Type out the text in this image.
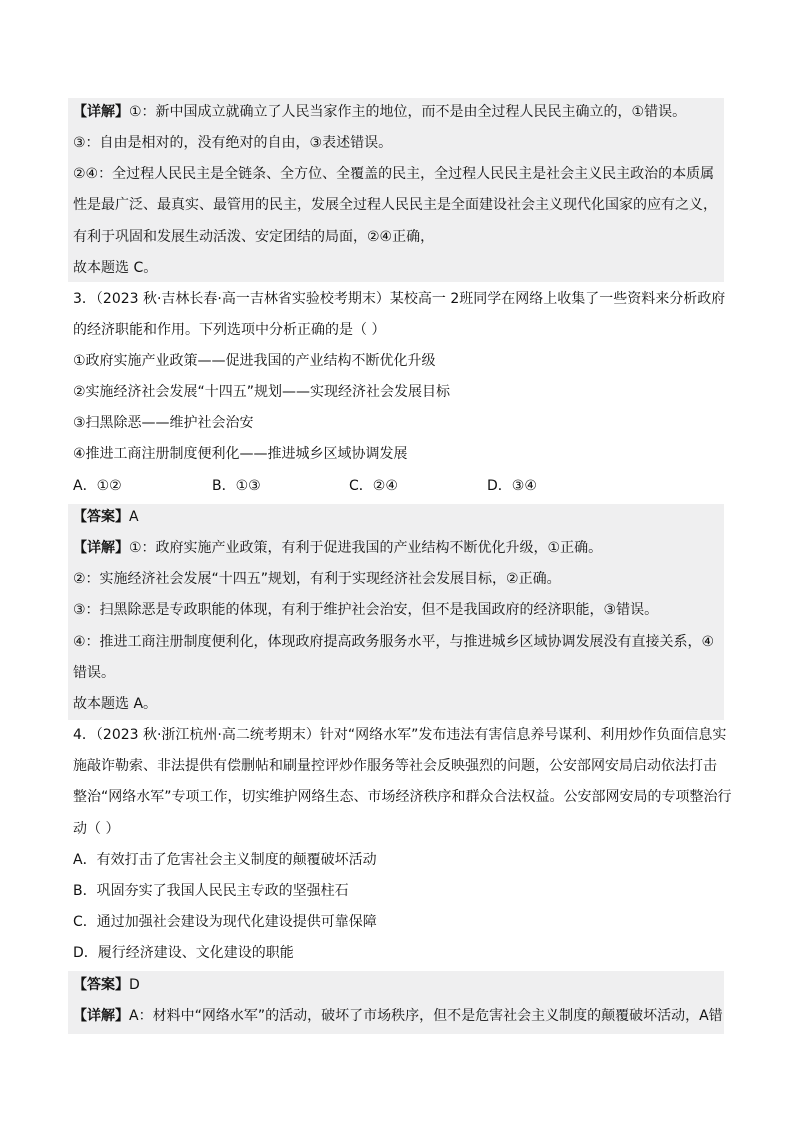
【详解】①：新中国成立就确立了人民当家作主的地位，而不是由全过程人民民主确立的，①错误。
③：自由是相对的，没有绝对的自由，③表述错误。
②④：全过程人民民主是全链条、全方位、全覆盖的民主，全过程人民民主是社会主义民主政治的本质属
性是最广泛、最真实、最管用的民主，发展全过程人民民主是全面建设社会主义现代化国家的应有之义，
有利于巩固和发展生动活泼、安定团结的局面，②④正确，
故本题选 C。
3．（2023 秋·吉林长春·高一吉林省实验校考期末）某校高一 2班同学在网络上收集了一些资料来分析政府
的经济职能和作用。下列选项中分析正确的是（ ）
①政府实施产业政策——促进我国的产业结构不断优化升级
②实施经济社会发展“十四五”规划——实现经济社会发展目标
③扫黑除恶——维护社会治安
④推进工商注册制度便利化——推进城乡区域协调发展
A．①②	B．①③	C．②④	D．③④
【答案】A
【详解】①：政府实施产业政策，有利于促进我国的产业结构不断优化升级，①正确。
②：实施经济社会发展“十四五”规划，有利于实现经济社会发展目标，②正确。
③：扫黑除恶是专政职能的体现，有利于维护社会治安，但不是我国政府的经济职能，③错误。
④：推进工商注册制度便利化，体现政府提高政务服务水平，与推进城乡区域协调发展没有直接关系，④
错误。
故本题选 A。
4．（2023 秋·浙江杭州·高二统考期末）针对“网络水军”发布违法有害信息养号谋利、利用炒作负面信息实
施敲诈勒索、非法提供有偿删帖和刷量控评炒作服务等社会反映强烈的问题，公安部网安局启动依法打击
整治“网络水军”专项工作，切实维护网络生态、市场经济秩序和群众合法权益。公安部网安局的专项整治行
动（ ）
A．有效打击了危害社会主义制度的颠覆破坏活动
B．巩固夯实了我国人民民主专政的坚强柱石
C．通过加强社会建设为现代化建设提供可靠保障
D．履行经济建设、文化建设的职能
【答案】D
【详解】A：材料中“网络水军”的活动，破坏了市场秩序，但不是危害社会主义制度的颠覆破坏活动，A错
